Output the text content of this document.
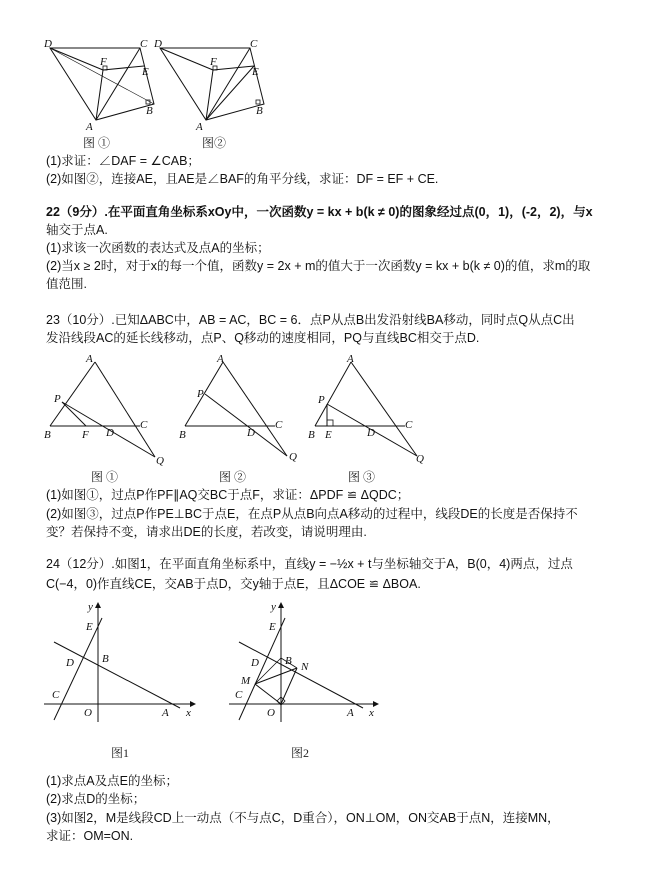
D	C
F
E
B
A
图 ①
D	C
F
E
B
A
图②
(1)求证：∠DAF = ∠CAB；
(2)如图②，连接AE，且AE是∠BAF的角平分线，求证：DF = EF + CE.
22（9分）.在平面直角坐标系xOy中，一次函数y = kx + b(k ≠ 0)的图象经过点(0，1)，(-2，2)，与x
轴交于点A.
(1)求该一次函数的表达式及点A的坐标；
(2)当x ≥ 2时，对于x的每一个值，函数y = 2x + m的值大于一次函数y = kx + b(k ≠ 0)的值，求m的取
值范围.
23（10分）.已知ΔABC中，AB = AC，BC = 6．点P从点B出发沿射线BA移动，同时点Q从点C出
发沿线段AC的延长线移动，点P、Q移动的速度相同，PQ与直线BC相交于点D.
A
P
B	F D
C
Q
图 ①
A
P
B	D
C
Q
图 ②
A
P
B E	D
C
Q
图 ③
(1)如图①，过点P作PF∥AQ交BC于点F，求证：ΔPDF ≌ ΔQDC；
(2)如图③，过点P作PE⊥BC于点E，在点P从点B向点A移动的过程中，线段DE的长度是否保持不
变？若保持不变，请求出DE的长度，若改变，请说明理由.
24（12分）.如图1，在平面直角坐标系中，直线y = −½x + t与坐标轴交于A，B(0，4)两点，过点
C(−4，0)作直线CE，交AB于点D，交y轴于点E，且ΔCOE ≌ ΔBOA.
y
x
E
D	B
C
O	A
图1
y
x
E
D B N
M
C
O	A
图2
(1)求点A及点E的坐标；
(2)求点D的坐标；
(3)如图2，M是线段CD上一动点（不与点C，D重合），ON⊥OM，ON交AB于点N，连接MN，
求证：OM=ON.
